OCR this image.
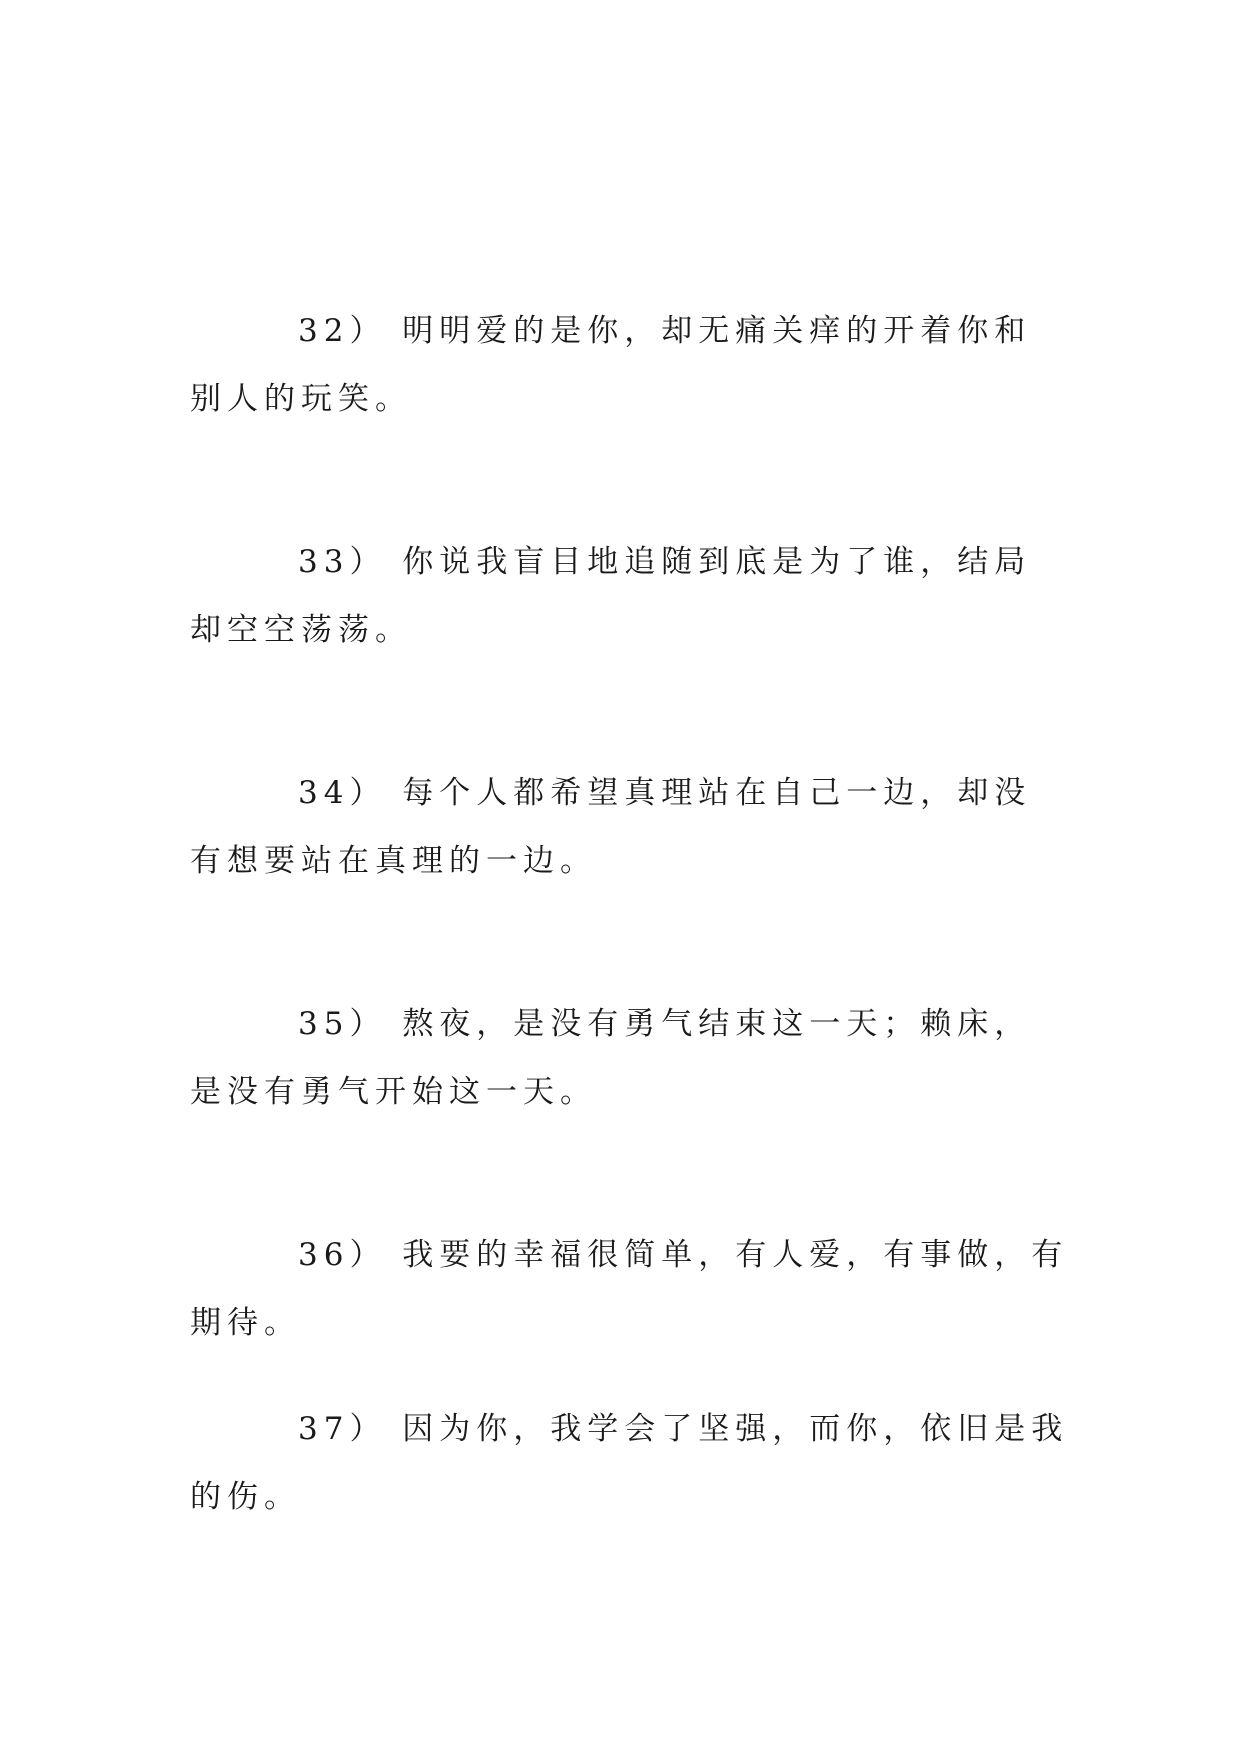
32） 明明爱的是你，却无痛关痒的开着你和别人的玩笑。

33） 你说我盲目地追随到底是为了谁，结局却空空荡荡。

34） 每个人都希望真理站在自己一边，却没有想要站在真理的一边。

35） 熬夜，是没有勇气结束这一天；赖床，是没有勇气开始这一天。

36） 我要的幸福很简单，有人爱，有事做，有期待。

37） 因为你，我学会了坚强，而你，依旧是我的伤。
